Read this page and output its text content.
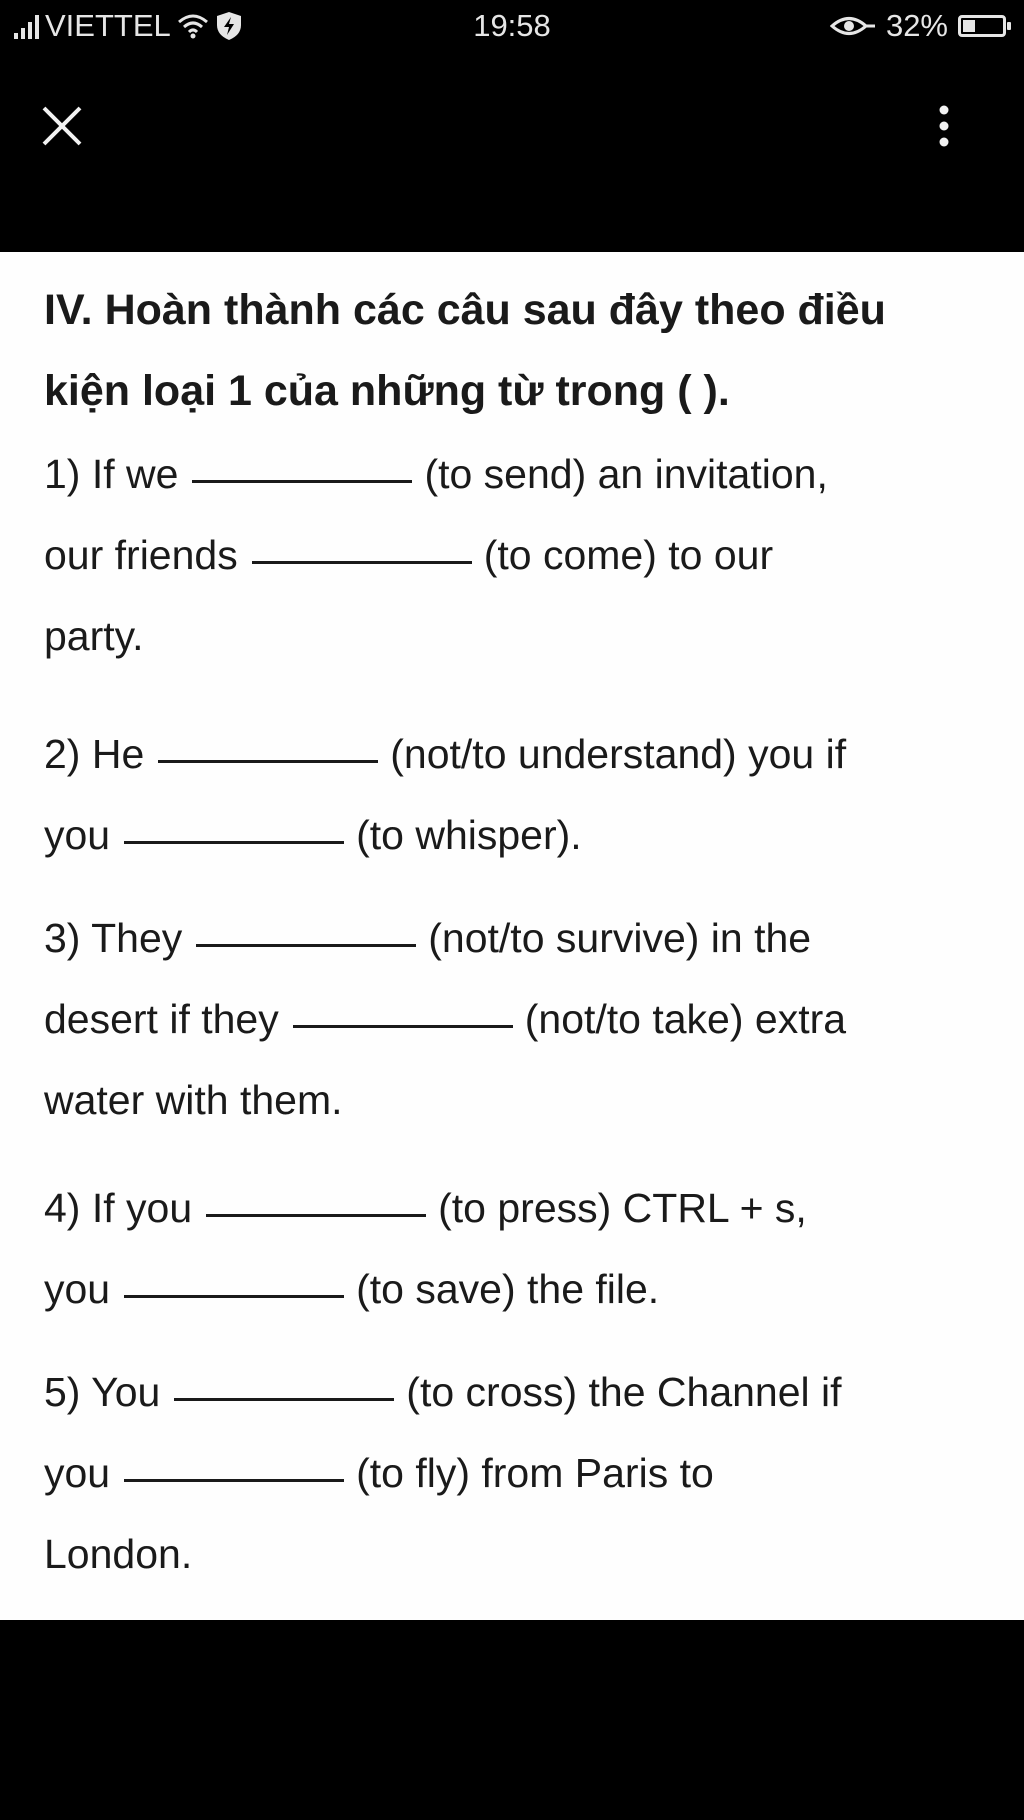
VIETTEL	19:58	32%

IV. Hoàn thành các câu sau đây theo điều
kiện loại 1 của những từ trong ( ).

1) If we	(to send) an invitation,
our friends	(to come) to our
party.

2) He	(not/to understand) you if
you	(to whisper).

3) They	(not/to survive) in the
desert if they	(not/to take) extra
water with them.

4) If you	(to press) CTRL + s,
you	(to save) the file.

5) You	(to cross) the Channel if
you	(to fly) from Paris to
London.
